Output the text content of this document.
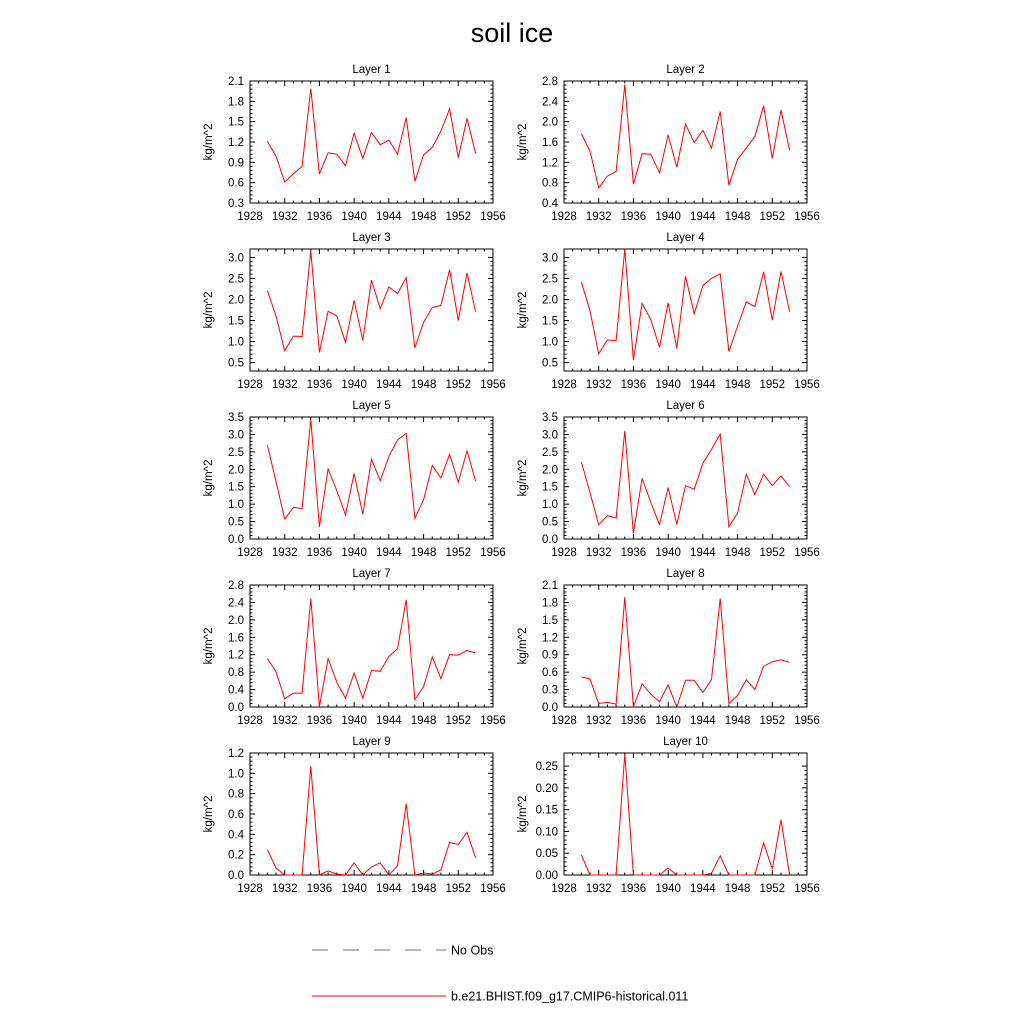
soil ice
Layer 1
kg/m^2
1928 1932 1936 1940 1944 1948 1952 1956
0.3
0.6
0.9
1.2
1.5
1.8
2.1
Layer 2
kg/m^2
1928 1932 1936 1940 1944 1948 1952 1956
0.4
0.8
1.2
1.6
2.0
2.4
2.8
Layer 3
kg/m^2
1928 1932 1936 1940 1944 1948 1952 1956
0.5
1.0
1.5
2.0
2.5
3.0
Layer 4
kg/m^2
1928 1932 1936 1940 1944 1948 1952 1956
0.5
1.0
1.5
2.0
2.5
3.0
Layer 5
kg/m^2
1928 1932 1936 1940 1944 1948 1952 1956
0.0
0.5
1.0
1.5
2.0
2.5
3.0
3.5
Layer 6
kg/m^2
1928 1932 1936 1940 1944 1948 1952 1956
0.0
0.5
1.0
1.5
2.0
2.5
3.0
3.5
Layer 7
kg/m^2
1928 1932 1936 1940 1944 1948 1952 1956
0.0
0.4
0.8
1.2
1.6
2.0
2.4
2.8
Layer 8
kg/m^2
1928 1932 1936 1940 1944 1948 1952 1956
0.0
0.3
0.6
0.9
1.2
1.5
1.8
2.1
Layer 9
kg/m^2
1928 1932 1936 1940 1944 1948 1952 1956
0.0
0.2
0.4
0.6
0.8
1.0
1.2
Layer 10
kg/m^2
1928 1932 1936 1940 1944 1948 1952 1956
0.00
0.05
0.10
0.15
0.20
0.25
No Obs
b.e21.BHIST.f09_g17.CMIP6-historical.011
